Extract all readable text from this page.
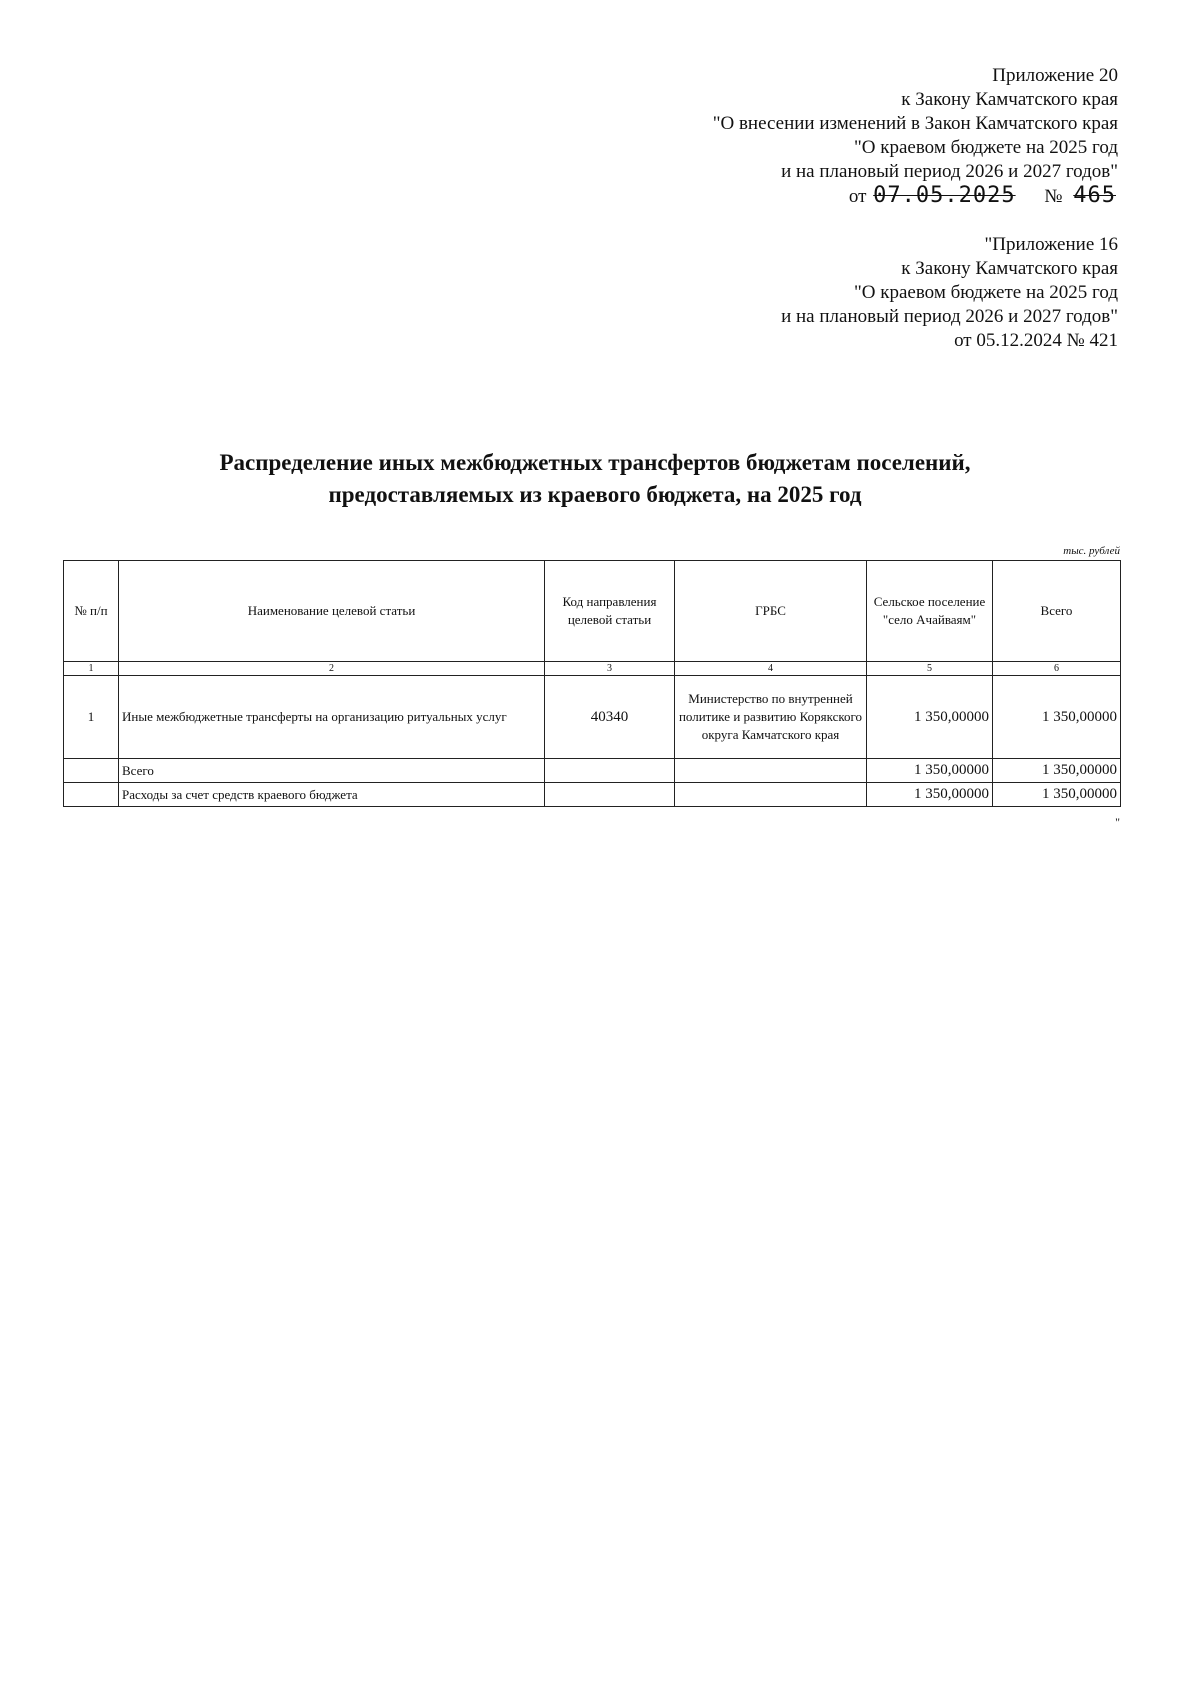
Приложение 20
к Закону Камчатского края
"О внесении изменений в Закон Камчатского края
"О краевом бюджете на 2025 год
и на плановый период 2026 и 2027 годов"
от 07.05.2025 № 465
"Приложение 16
к Закону Камчатского края
"О краевом бюджете на 2025 год
и на плановый период 2026 и 2027 годов"
от 05.12.2024 № 421
Распределение иных межбюджетных трансфертов бюджетам поселений,
предоставляемых из краевого бюджета, на 2025 год
тыс. рублей
№ п/п	Наименование целевой статьи	Код направления целевой статьи	ГРБС	Сельское поселение "село Ачайваям"	Всего
1	2	3	4	5	6
1	Иные межбюджетные трансферты на организацию ритуальных услуг	40340	Министерство по внутренней политике и развитию Корякского округа Камчатского края	1 350,00000	1 350,00000
	Всего			1 350,00000	1 350,00000
	Расходы за счет средств краевого бюджета			1 350,00000	1 350,00000
"
